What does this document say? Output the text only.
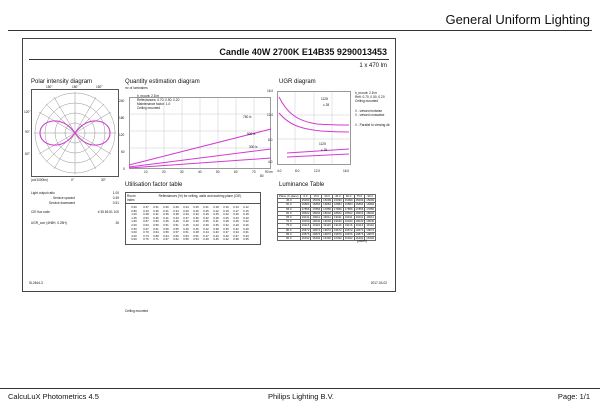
General Uniform Lighting
Candle 40W 2700K E14B35 9290013453
1 x 470 lm
Polar intensity diagram
150°	180°	150°
120°
90°
60°
(cd/1000lm)	0°	30°
Quantity estimation diagram
m² of luminaires
240
180
120
60
0
h_mount: 2.8 m
Reflectances: 0.70, 0.50, 0.20
Maintenance factor: 1.0
Ceiling mounted
750 lx
500 lx
300 lx
10	20	30	40	50	60	70
80
90 m²
UGR diagram
16.0
12.0
8.0
4.0
1128
≥ 28
1125
≥ 25
h_mount: 2.8 m
Refl: 0.70, 0.50, 0.20
Ceiling mounted
// - viewed endwise
// - viewed crosswise
// - Parallel to viewing dir.
4.0	8.0	12.0	16.0
Light output ratio	1.00
Service upward	0.49
Service downward	0.51
CIE flux code	# 35 66 51 100
UGR_corr (4H8H, 0.25H)	26
Utilisation factor table
Room index
Reflectances (%) for ceiling, walls and working plane (CIE)
0.60	0.37	0.31	0.26	0.29	0.24	0.25	0.21	0.18	0.16	0.13	0.12
0.80	0.43	0.36	0.31	0.34	0.29	0.29	0.25	0.22	0.19	0.17	0.15
1.00	0.48	0.41	0.36	0.38	0.33	0.33	0.29	0.25	0.22	0.20	0.18
1.25	0.53	0.46	0.41	0.43	0.37	0.36	0.32	0.28	0.25	0.23	0.20
1.50	0.57	0.50	0.45	0.46	0.40	0.39	0.35	0.31	0.28	0.25	0.22
2.00	0.63	0.56	0.51	0.51	0.45	0.43	0.39	0.35	0.32	0.29	0.26
2.50	0.67	0.61	0.56	0.55	0.49	0.46	0.42	0.38	0.35	0.32	0.29
3.00	0.70	0.64	0.59	0.57	0.51	0.48	0.44	0.40	0.37	0.34	0.31
4.00	0.74	0.68	0.64	0.60	0.54	0.51	0.47	0.43	0.40	0.37	0.33
5.00	0.76	0.71	0.67	0.62	0.56	0.53	0.49	0.45	0.42	0.38	0.35
Ceiling mounted
Luminance Table
Plane (C-plane)	0.0	15.0	30.0	45.0	60.0	75.0	90.0
45.0	15099	15099	15099	15099	15099	15099	15099
50.0	16884	16884	16884	16884	16884	16884	16884
55.0	17856	17856	17856	17856	17856	17856	17856
60.0	18602	18602	18602	18602	18602	18602	18602
65.0	19011	19011	19011	19011	19011	19011	19011
70.0	19040	19040	19040	19040	19040	19040	19040
75.0	19116	19116	19116	19116	19116	19116	19116
80.0	19672	19672	19672	19672	19672	19672	19672
85.0	19876	19876	19876	19876	19876	19876	19876
90.0	16492	16492	16492	16492	16492	16492	16492
(cd/m²)
SL2464-3	2017-03-02
CalcuLuX Photometrics 4.5	Philips Lighting B.V.	Page: 1/1
